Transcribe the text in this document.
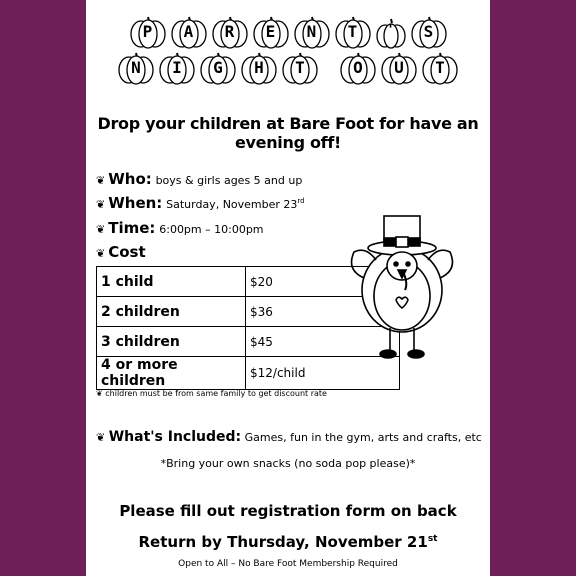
P	A	R	E	N	T	'	S
N	I	G	H	T	O	U	T
Drop your children at Bare Foot for have an evening off!
❦ Who: boys & girls ages 5 and up
❦ When: Saturday, November 23rd
❦ Time: 6:00pm – 10:00pm
❦ Cost
1 child	$20
2 children	$36
3 children	$45
4 or more children	$12/child
❦ children must be from same family to get discount rate
❦ What's Included: Games, fun in the gym, arts and crafts, etc
*Bring your own snacks (no soda pop please)*
Please fill out registration form on back
Return by Thursday, November 21st
Open to All – No Bare Foot Membership Required
